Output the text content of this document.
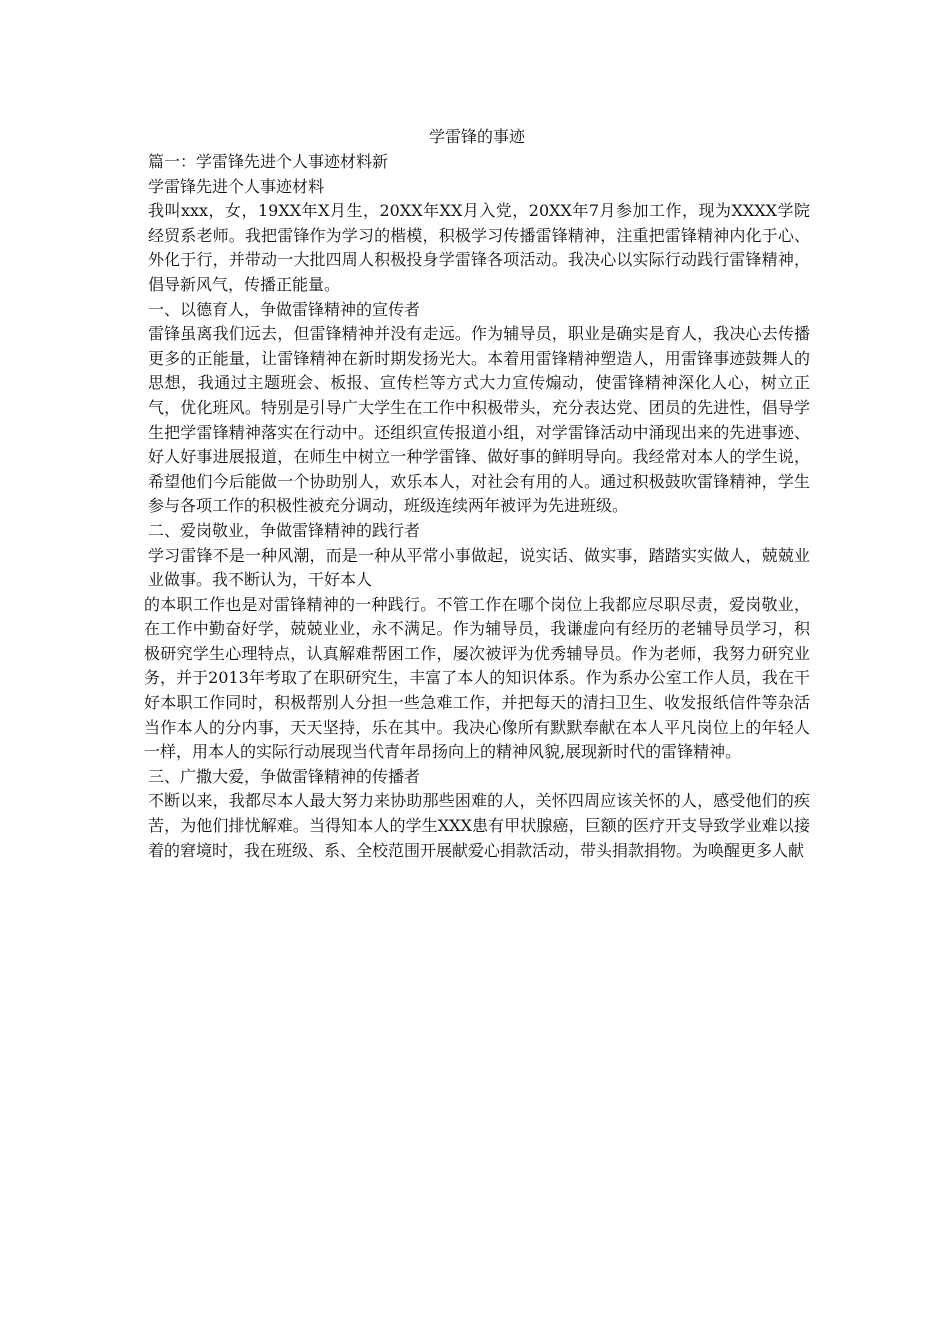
学雷锋的事迹

篇一：学雷锋先进个人事迹材料新

学雷锋先进个人事迹材料

我叫xxx，女，19XX年X月生，20XX年XX月入党，20XX年7月参加工作，现为XXXX学院经贸系老师。我把雷锋作为学习的楷模，积极学习传播雷锋精神，注重把雷锋精神内化于心、外化于行，并带动一大批四周人积极投身学雷锋各项活动。我决心以实际行动践行雷锋精神，倡导新风气，传播正能量。

一、以德育人，争做雷锋精神的宣传者

雷锋虽离我们远去，但雷锋精神并没有走远。作为辅导员，职业是确实是育人，我决心去传播更多的正能量，让雷锋精神在新时期发扬光大。本着用雷锋精神塑造人，用雷锋事迹鼓舞人的思想，我通过主题班会、板报、宣传栏等方式大力宣传煽动，使雷锋精神深化人心，树立正气，优化班风。特别是引导广大学生在工作中积极带头，充分表达党、团员的先进性，倡导学生把学雷锋精神落实在行动中。还组织宣传报道小组，对学雷锋活动中涌现出来的先进事迹、好人好事进展报道，在师生中树立一种学雷锋、做好事的鲜明导向。我经常对本人的学生说，希望他们今后能做一个协助别人，欢乐本人，对社会有用的人。通过积极鼓吹雷锋精神，学生参与各项工作的积极性被充分调动，班级连续两年被评为先进班级。

二、爱岗敬业，争做雷锋精神的践行者

学习雷锋不是一种风潮，而是一种从平常小事做起，说实话、做实事，踏踏实实做人，兢兢业业做事。我不断认为，干好本人

的本职工作也是对雷锋精神的一种践行。不管工作在哪个岗位上我都应尽职尽责，爱岗敬业，在工作中勤奋好学，兢兢业业，永不满足。作为辅导员，我谦虚向有经历的老辅导员学习，积极研究学生心理特点，认真解难帮困工作，屡次被评为优秀辅导员。作为老师，我努力研究业务，并于2013年考取了在职研究生，丰富了本人的知识体系。作为系办公室工作人员，我在干好本职工作同时，积极帮别人分担一些急难工作，并把每天的清扫卫生、收发报纸信件等杂活当作本人的分内事，天天坚持，乐在其中。我决心像所有默默奉献在本人平凡岗位上的年轻人一样，用本人的实际行动展现当代青年昂扬向上的精神风貌,展现新时代的雷锋精神。

三、广撒大爱，争做雷锋精神的传播者

不断以来，我都尽本人最大努力来协助那些困难的人，关怀四周应该关怀的人，感受他们的疾苦，为他们排忧解难。当得知本人的学生XXX患有甲状腺癌，巨额的医疗开支导致学业难以接着的窘境时，我在班级、系、全校范围开展献爱心捐款活动，带头捐款捐物。为唤醒更多人献
